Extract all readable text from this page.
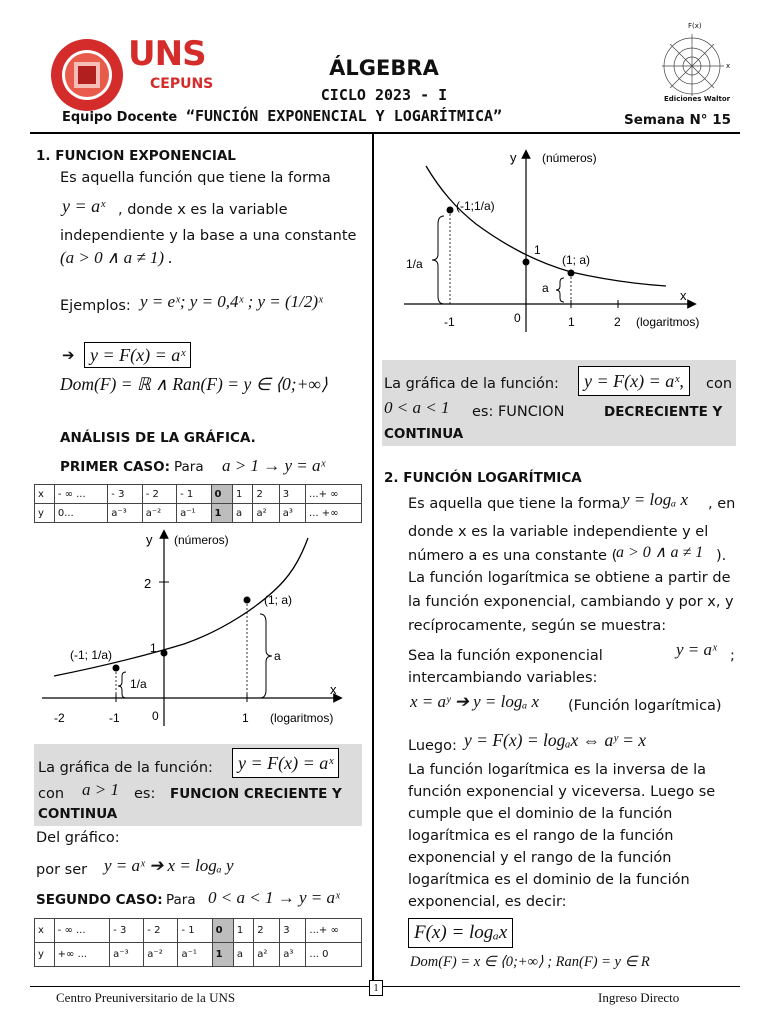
UNS
CEPUNS
Equipo Docente
ÁLGEBRA
CICLO 2023 - I
“FUNCIÓN EXPONENCIAL Y LOGARÍTMICA”	Semana N° 15
F(x)
x
Ediciones Waltor
1. FUNCION EXPONENCIAL
Es aquella función que tiene la forma
y = aˣ , donde x es la variable
independiente y la base a una constante
(a > 0 ∧ a ≠ 1) .
Ejemplos: y = eˣ; y = 0,4ˣ ; y = (1/2)ˣ
➔ y = F(x) = aˣ
Dom(F) = ℝ ∧ Ran(F) = y ∈ ⟨0;+∞⟩
ANÁLISIS DE LA GRÁFICA.
PRIMER CASO: Para a > 1 → y = aˣ
x	- ∞ ...	- 3	- 2	- 1	0	1	2	3	...+ ∞
y	0...	a⁻³	a⁻²	a⁻¹	1	a	a²	a³	... +∞
y (números)
2
1
(-1; 1/a)
(1; a)
a
1/a	x
-2	-1	0	1 (logaritmos)
La gráfica de la función:	y = F(x) = aˣ
con a > 1 es: FUNCION CRECIENTE Y
CONTINUA
Del gráfico:
por ser y = aˣ ➔ x = logₐ y
SEGUNDO CASO: Para 0 < a < 1 → y = aˣ
x	- ∞ ...	- 3	- 2	- 1	0	1	2	3	...+ ∞
y	+∞ ...	a⁻³	a⁻²	a⁻¹	1	a	a²	a³	... 0
y (números)
(-1;1/a)
1
1/a	(1; a)
a	x
-1	0	1	2 (logaritmos)
La gráfica de la función:	y = F(x) = aˣ,	con
0 < a < 1 es: FUNCION	DECRECIENTE Y
CONTINUA
2. FUNCIÓN LOGARÍTMICA
Es aquella que tiene la forma y = logₐ x , en
donde x es la variable independiente y el
número a es una constante (
a > 0 ∧ a ≠ 1 ).
La función logarítmica se obtiene a partir de
la función exponencial, cambiando y por x, y
recíprocamente, según se muestra:
Sea la función exponencial	y = aˣ ;
intercambiando variables:
x = aʸ ➔ y = logₐ x (Función logarítmica)
Luego: y = F(x) = logₐx ⇔ aʸ = x
La función logarítmica es la inversa de la
función exponencial y viceversa. Luego se
cumple que el dominio de la función
logarítmica es el rango de la función
exponencial y el rango de la función
logarítmica es el dominio de la función
exponencial, es decir:
F(x) = logₐx
Dom(F) = x ∈ ⟨0;+∞⟩ ; Ran(F) = y ∈ R
Centro Preuniversitario de la UNS
1
Ingreso Directo
